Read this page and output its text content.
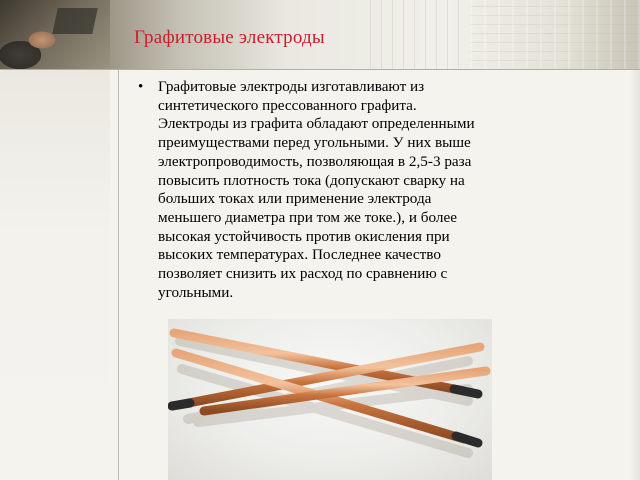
Графитовые электроды
• Графитовые электроды изготавливают из
синтетического прессованного графита.
Электроды из графита обладают определенными
преимуществами перед угольными. У них выше
электропроводимость, позволяющая в 2,5-3 раза
повысить плотность тока (допускают сварку на
больших токах или применение электрода
меньшего диаметра при том же токе.), и более
высокая устойчивость против окисления при
высоких температурах. Последнее качество
позволяет снизить их расход по сравнению с
угольными.
